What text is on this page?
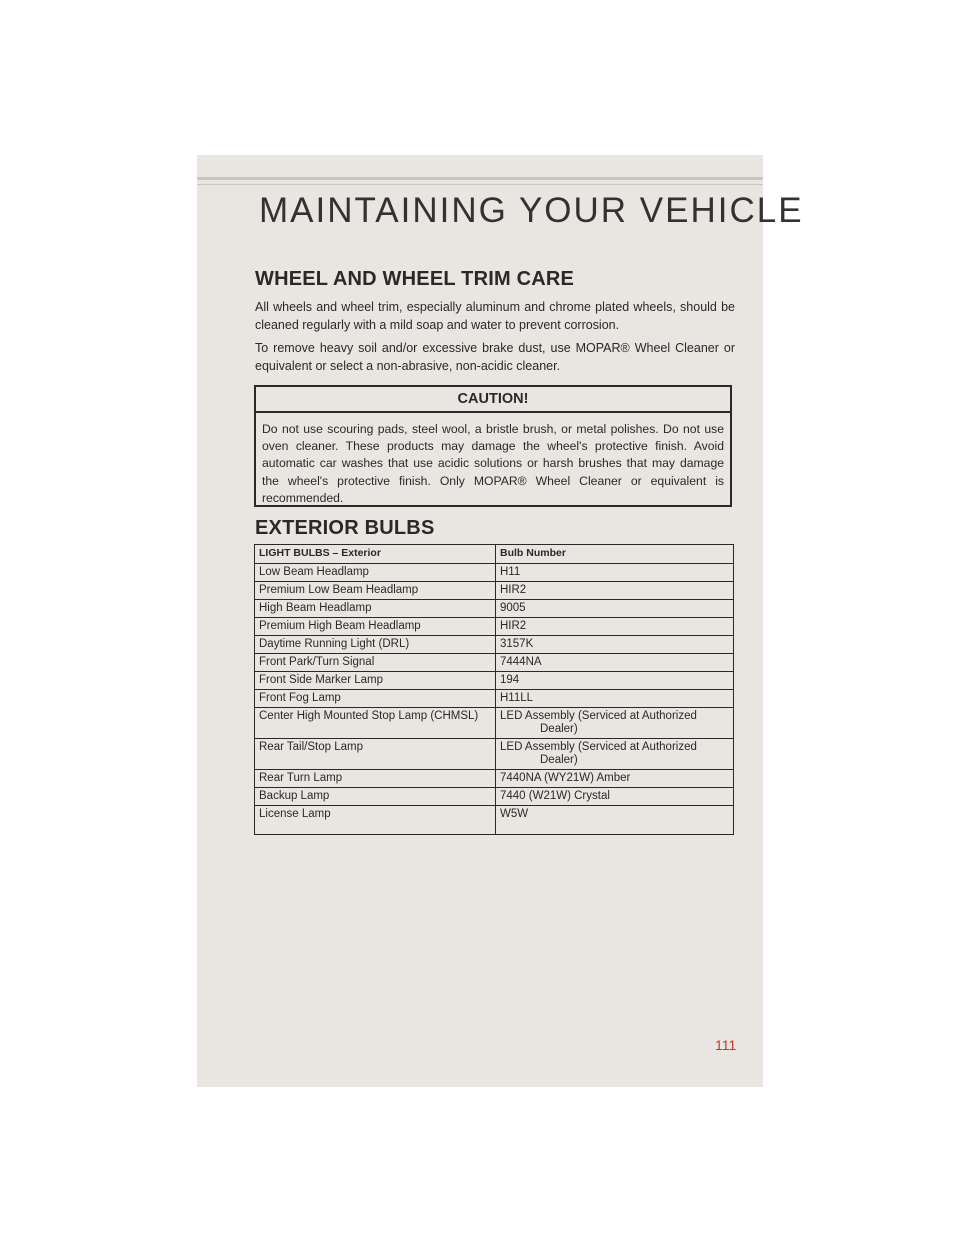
MAINTAINING YOUR VEHICLE
WHEEL AND WHEEL TRIM CARE
All wheels and wheel trim, especially aluminum and chrome plated wheels, should be cleaned regularly with a mild soap and water to prevent corrosion.
To remove heavy soil and/or excessive brake dust, use MOPAR® Wheel Cleaner or equivalent or select a non-abrasive, non-acidic cleaner.
CAUTION!
Do not use scouring pads, steel wool, a bristle brush, or metal polishes. Do not use oven cleaner. These products may damage the wheel's protective finish. Avoid automatic car washes that use acidic solutions or harsh brushes that may damage the wheel's protective finish. Only MOPAR® Wheel Cleaner or equivalent is recommended.
EXTERIOR BULBS
LIGHT BULBS – Exterior	Bulb Number
Low Beam Headlamp	H11
Premium Low Beam Headlamp	HIR2
High Beam Headlamp	9005
Premium High Beam Headlamp	HIR2
Daytime Running Light (DRL)	3157K
Front Park/Turn Signal	7444NA
Front Side Marker Lamp	194
Front Fog Lamp	H11LL
Center High Mounted Stop Lamp (CHMSL)	LED Assembly (Serviced at Authorized
Dealer)

Rear Tail/Stop Lamp	LED Assembly (Serviced at Authorized
Dealer)

Rear Turn Lamp	7440NA (WY21W) Amber
Backup Lamp	7440 (W21W) Crystal
License Lamp	W5W
111
